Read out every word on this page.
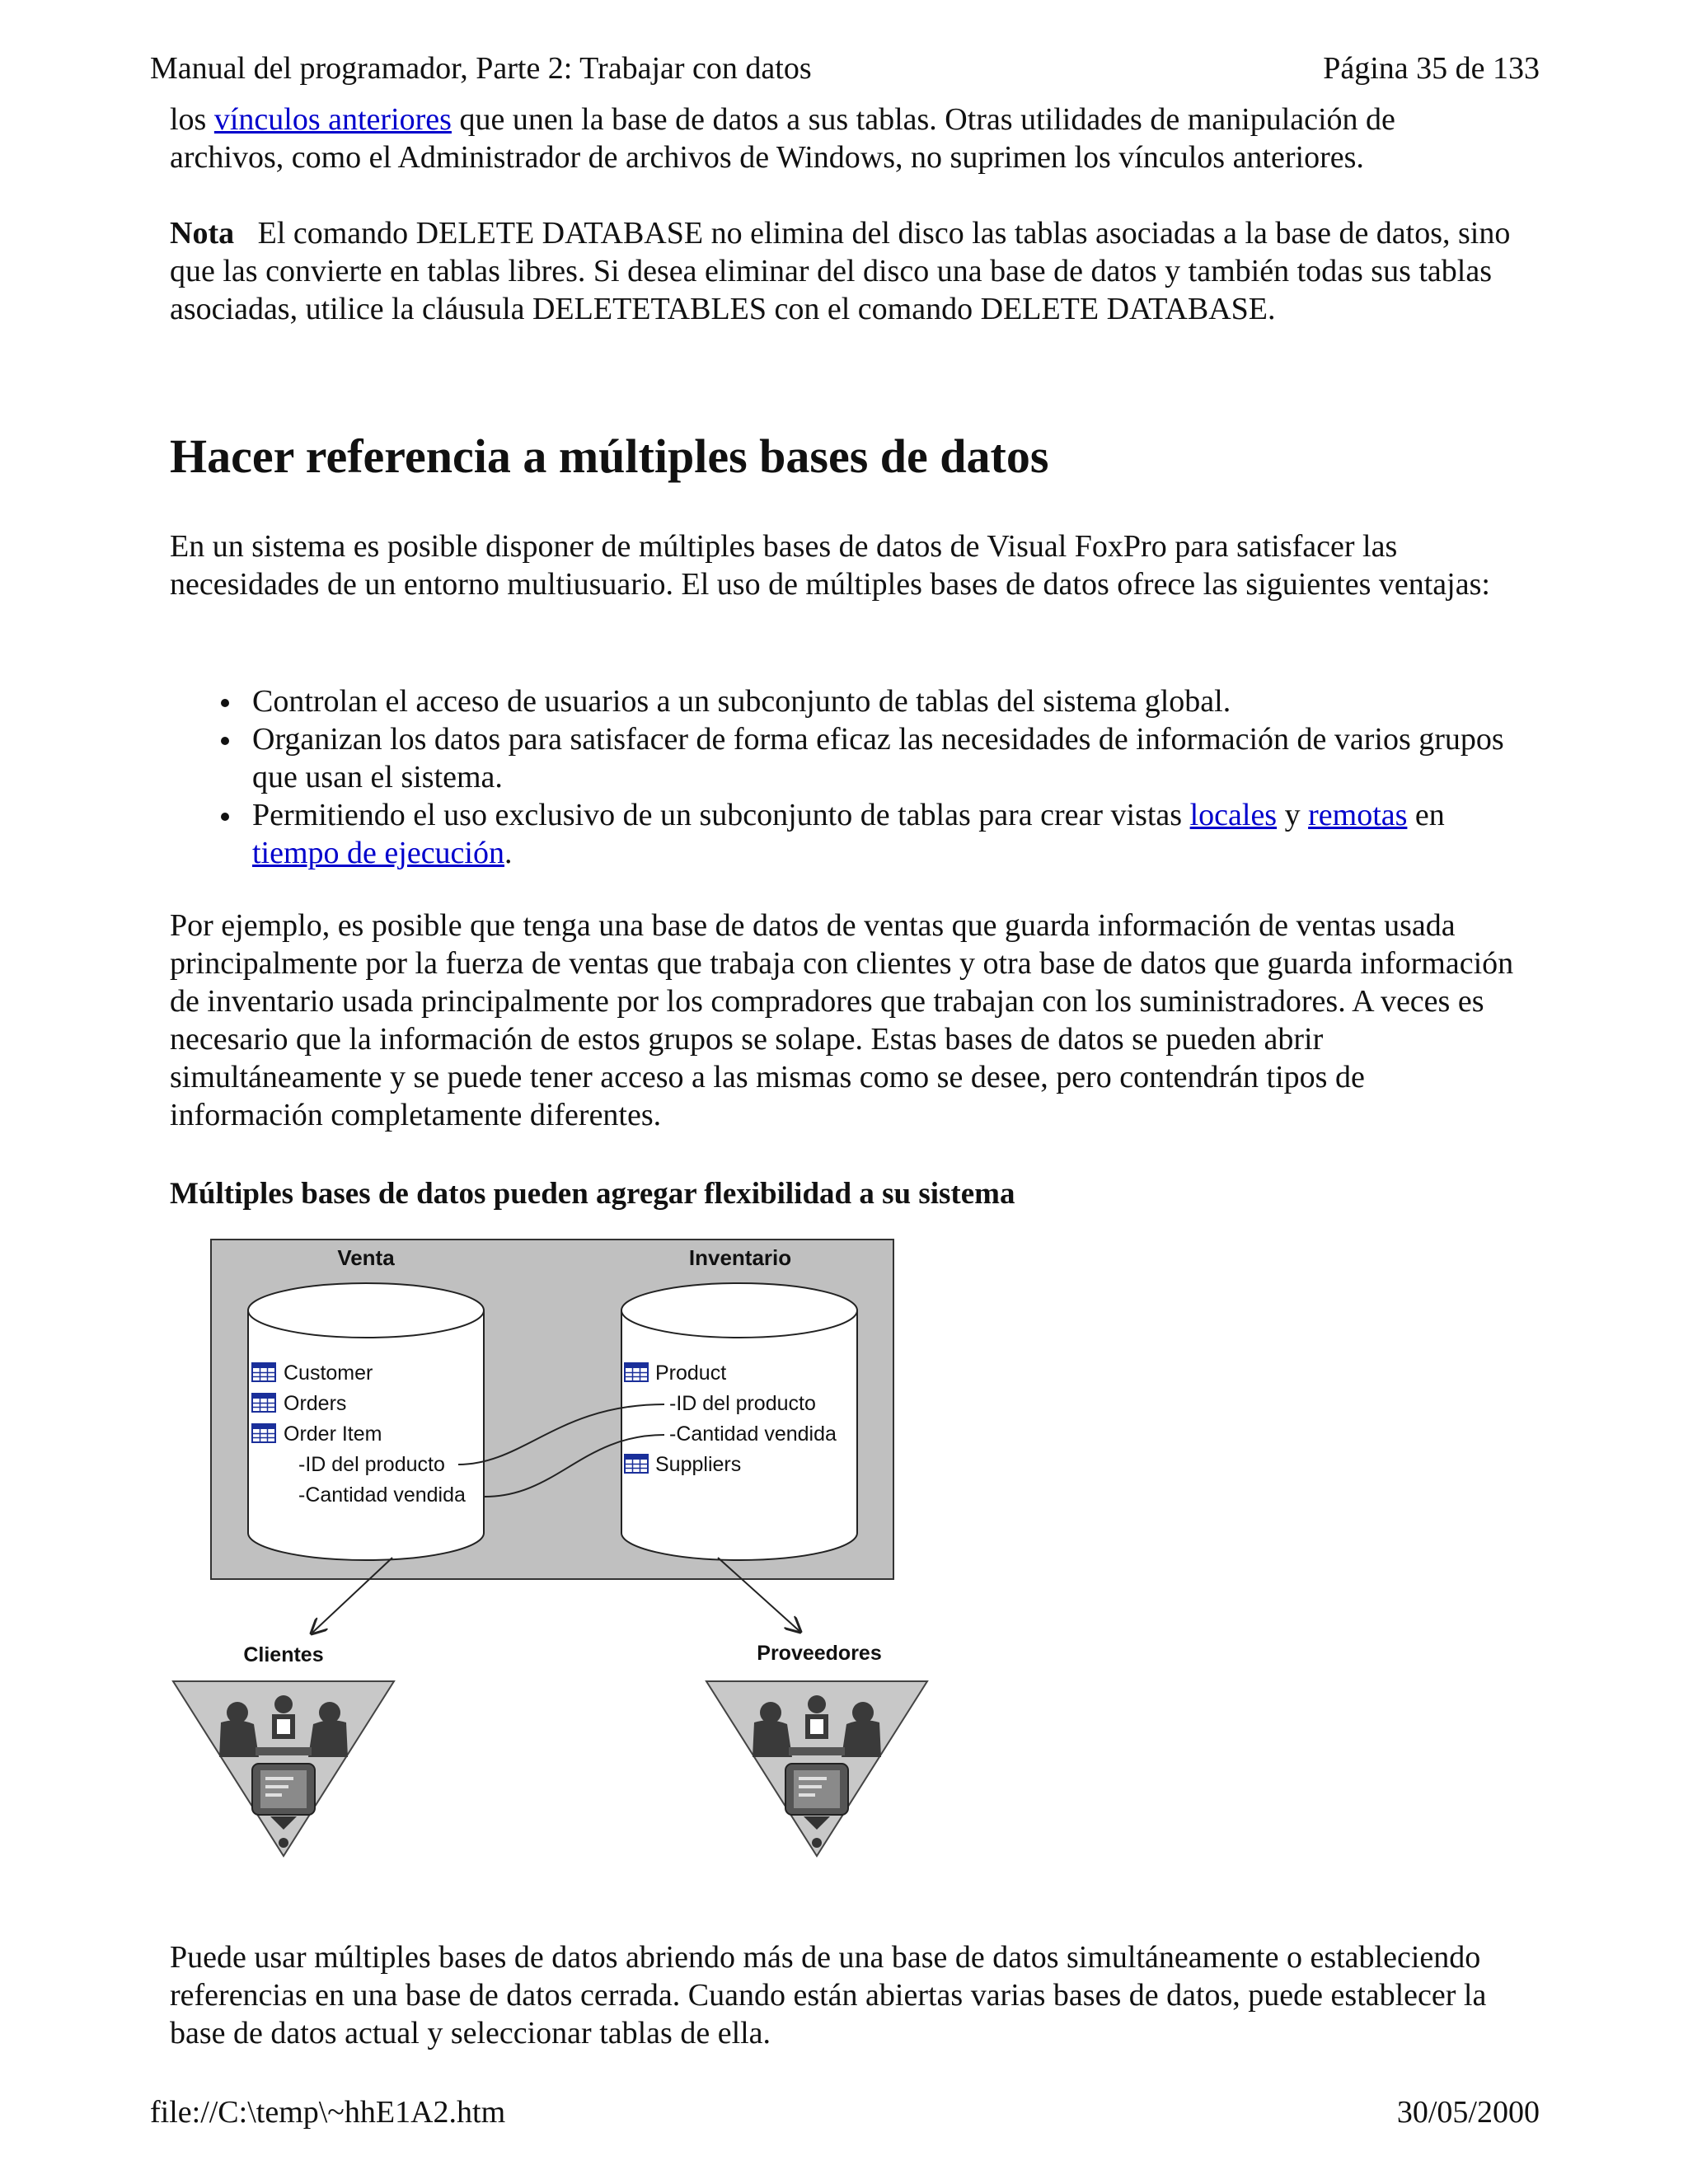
Manual del programador, Parte 2: Trabajar con datos	Página 35 de 133

los vínculos anteriores que unen la base de datos a sus tablas. Otras utilidades de manipulación de

archivos, como el Administrador de archivos de Windows, no suprimen los vínculos anteriores.

Nota El comando DELETE DATABASE no elimina del disco las tablas asociadas a la base de datos, sino que las convierte en tablas libres. Si desea eliminar del disco una base de datos y también todas sus tablas asociadas, utilice la cláusula DELETETABLES con el comando DELETE DATABASE.

Hacer referencia a múltiples bases de datos

En un sistema es posible disponer de múltiples bases de datos de Visual FoxPro para satisfacer las necesidades de un entorno multiusuario. El uso de múltiples bases de datos ofrece las siguientes ventajas:

Controlan el acceso de usuarios a un subconjunto de tablas del sistema global.
Organizan los datos para satisfacer de forma eficaz las necesidades de información de varios grupos que usan el sistema.
Permitiendo el uso exclusivo de un subconjunto de tablas para crear vistas locales y remotas en tiempo de ejecución.

Por ejemplo, es posible que tenga una base de datos de ventas que guarda información de ventas usada principalmente por la fuerza de ventas que trabaja con clientes y otra base de datos que guarda información de inventario usada principalmente por los compradores que trabajan con los suministradores. A veces es necesario que la información de estos grupos se solape. Estas bases de datos se pueden abrir simultáneamente y se puede tener acceso a las mismas como se desee, pero contendrán tipos de información completamente diferentes.

Múltiples bases de datos pueden agregar flexibilidad a su sistema

Venta
Customer
Orders
Order Item
-ID del producto
-Cantidad vendida
Inventario
Product
-ID del producto
-Cantidad vendida
Suppliers
Clientes	Proveedores

Puede usar múltiples bases de datos abriendo más de una base de datos simultáneamente o estableciendo referencias en una base de datos cerrada. Cuando están abiertas varias bases de datos, puede establecer la base de datos actual y seleccionar tablas de ella.

file://C:\temp\~hhE1A2.htm	30/05/2000
